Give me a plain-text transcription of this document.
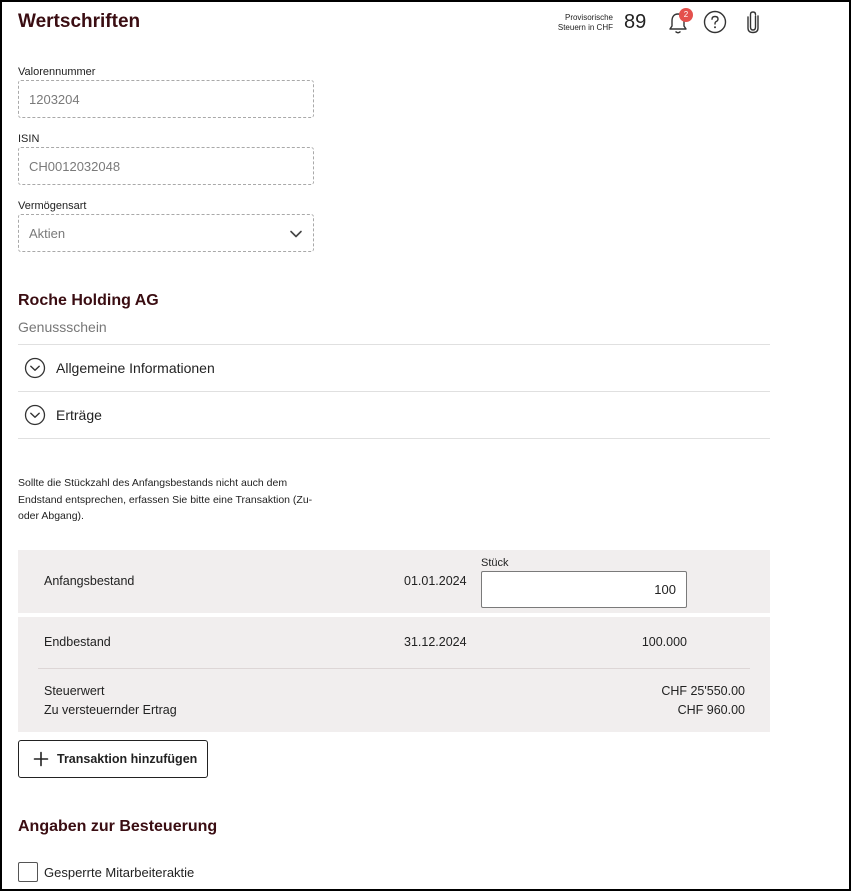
Wertschriften	Provisorische Steuern in CHF 89	2
Valorennummer
1203204
ISIN
CH0012032048
Vermögensart
Aktien
Roche Holding AG
Genussschein
Allgemeine Informationen
Erträge
Sollte die Stückzahl des Anfangsbestands nicht auch dem Endstand entsprechen, erfassen Sie bitte eine Transaktion (Zu- oder Abgang).
Anfangsbestand	01.01.2024
Stück
100
Endbestand	31.12.2024	100.000
Steuerwert	CHF 25'550.00
Zu versteuernder Ertrag	CHF 960.00
Transaktion hinzufügen
Angaben zur Besteuerung
Gesperrte Mitarbeiteraktie
